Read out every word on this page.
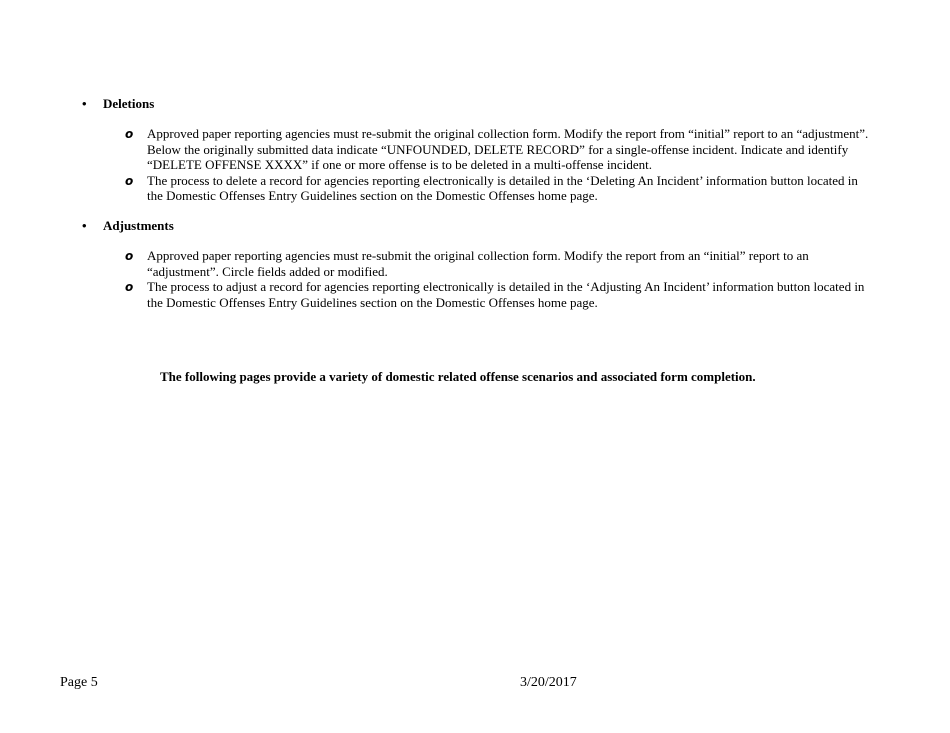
• Deletions
o Approved paper reporting agencies must re-submit the original collection form. Modify the report from “initial” report to an “adjustment”. Below the originally submitted data indicate “UNFOUNDED, DELETE RECORD” for a single-offense incident. Indicate and identify “DELETE OFFENSE XXXX” if one or more offense is to be deleted in a multi-offense incident.
o The process to delete a record for agencies reporting electronically is detailed in the ‘Deleting An Incident’ information button located in the Domestic Offenses Entry Guidelines section on the Domestic Offenses home page.
• Adjustments
o Approved paper reporting agencies must re-submit the original collection form. Modify the report from an “initial” report to an “adjustment”. Circle fields added or modified.
o The process to adjust a record for agencies reporting electronically is detailed in the ‘Adjusting An Incident’ information button located in the Domestic Offenses Entry Guidelines section on the Domestic Offenses home page.
The following pages provide a variety of domestic related offense scenarios and associated form completion.
Page 5	3/20/2017
